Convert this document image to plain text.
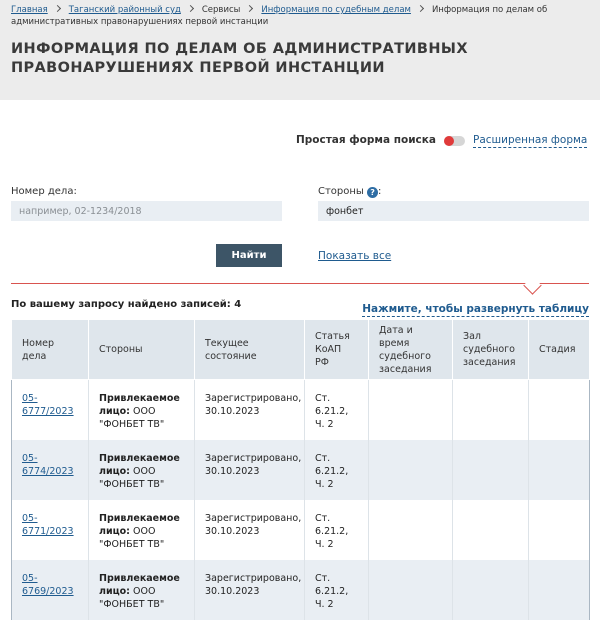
Главная Таганский районный суд Сервисы Информация по судебным делам Информация по делам об административных правонарушениях первой инстанции
ИНФОРМАЦИЯ ПО ДЕЛАМ ОБ АДМИНИСТРАТИВНЫХ ПРАВОНАРУШЕНИЯХ ПЕРВОЙ ИНСТАНЦИИ
Простая форма поиска	Расширенная форма
Номер дела:
например, 02-1234/2018	Стороны ? :
фонбет
Найти	Показать все
По вашему запросу найдено записей: 4	Нажмите, чтобы развернуть таблицу
Номер дела	Стороны	Текущее состояние	Статья КоАП РФ	Дата и время судебного заседания	Зал судебного заседания	Стадия
05-6777/2023	Привлекаемое лицо: ООО "ФОНБЕТ ТВ"	Зарегистрировано, 30.10.2023	Ст. 6.21.2, Ч. 2			
05-6774/2023	Привлекаемое лицо: ООО "ФОНБЕТ ТВ"	Зарегистрировано, 30.10.2023	Ст. 6.21.2, Ч. 2			
05-6771/2023	Привлекаемое лицо: ООО "ФОНБЕТ ТВ"	Зарегистрировано, 30.10.2023	Ст. 6.21.2, Ч. 2			
05-6769/2023	Привлекаемое лицо: ООО "ФОНБЕТ ТВ"	Зарегистрировано, 30.10.2023	Ст. 6.21.2, Ч. 2			
